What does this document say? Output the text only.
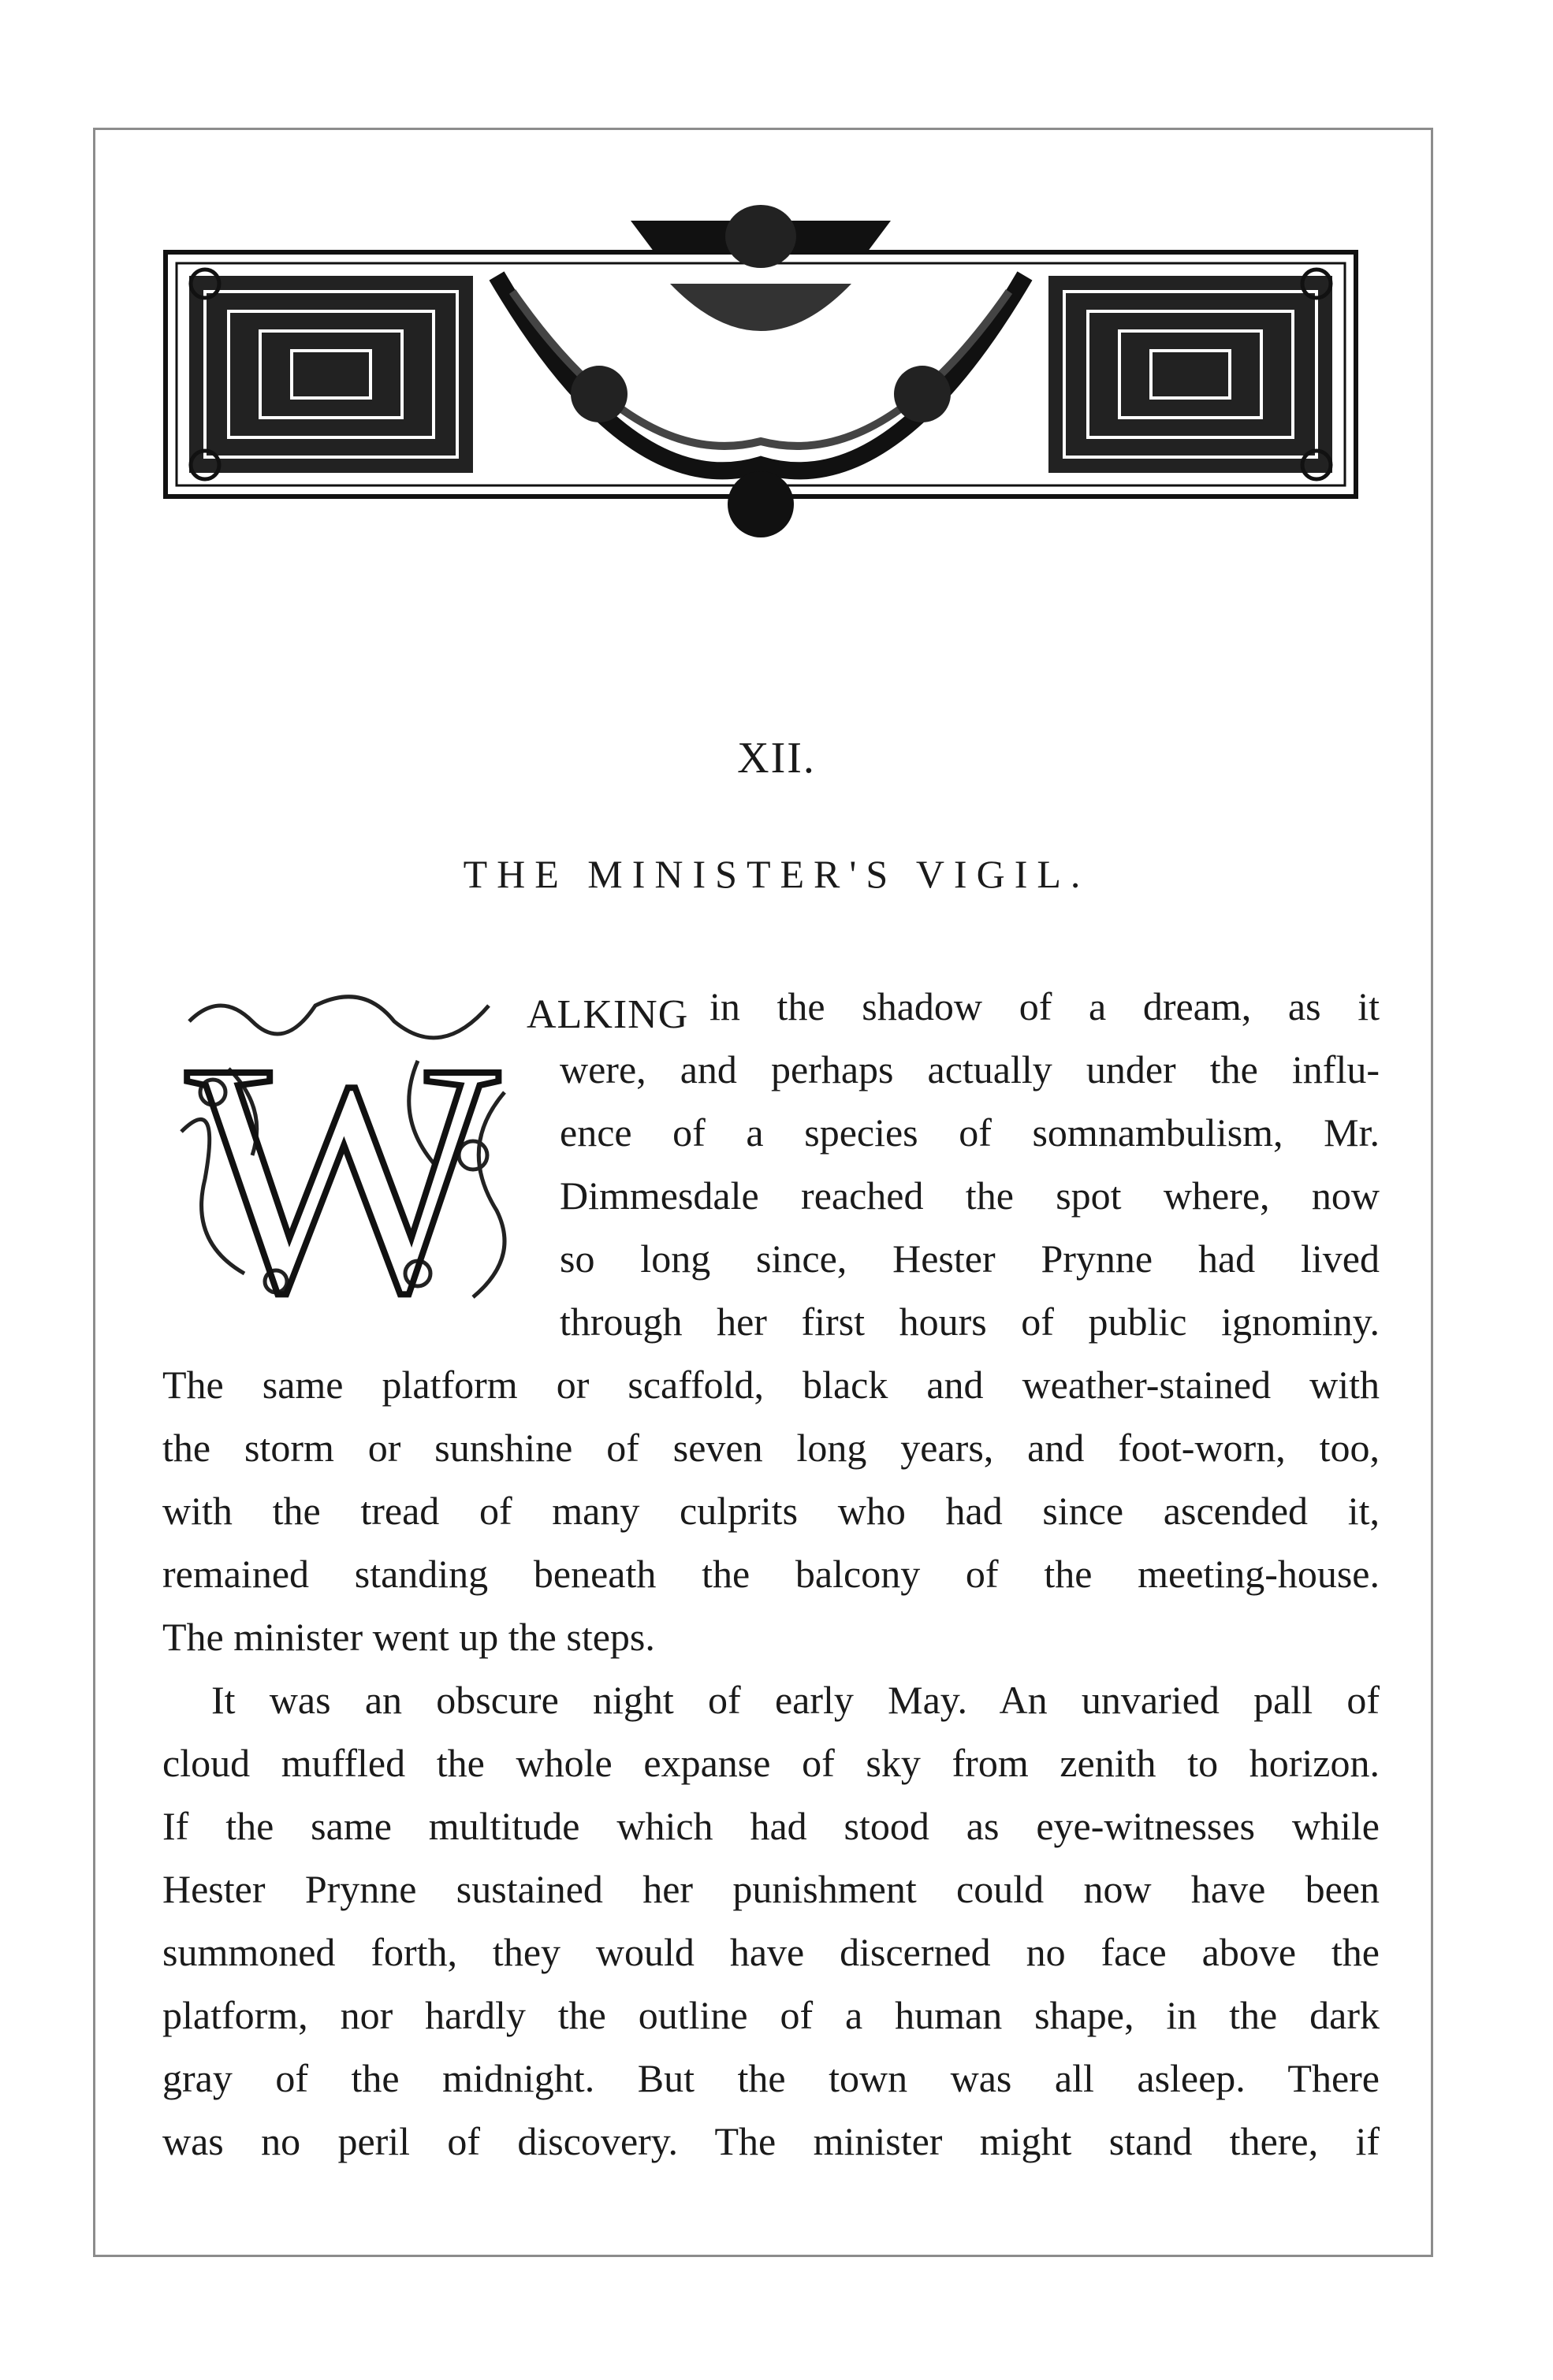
XII.
THE MINISTER'S VIGIL.
W ALKING in the shadow of a dream, as it
were, and perhaps actually under the influ-
ence of a species of somnambulism, Mr.
Dimmesdale reached the spot where, now
so long since, Hester Prynne had lived
through her first hours of public ignominy.
The same platform or scaffold, black and weather-stained with
the storm or sunshine of seven long years, and foot-worn, too,
with the tread of many culprits who had since ascended it,
remained standing beneath the balcony of the meeting-house.
The minister went up the steps.
It was an obscure night of early May. An unvaried pall of
cloud muffled the whole expanse of sky from zenith to horizon.
If the same multitude which had stood as eye-witnesses while
Hester Prynne sustained her punishment could now have been
summoned forth, they would have discerned no face above the
platform, nor hardly the outline of a human shape, in the dark
gray of the midnight. But the town was all asleep. There
was no peril of discovery. The minister might stand there, if
